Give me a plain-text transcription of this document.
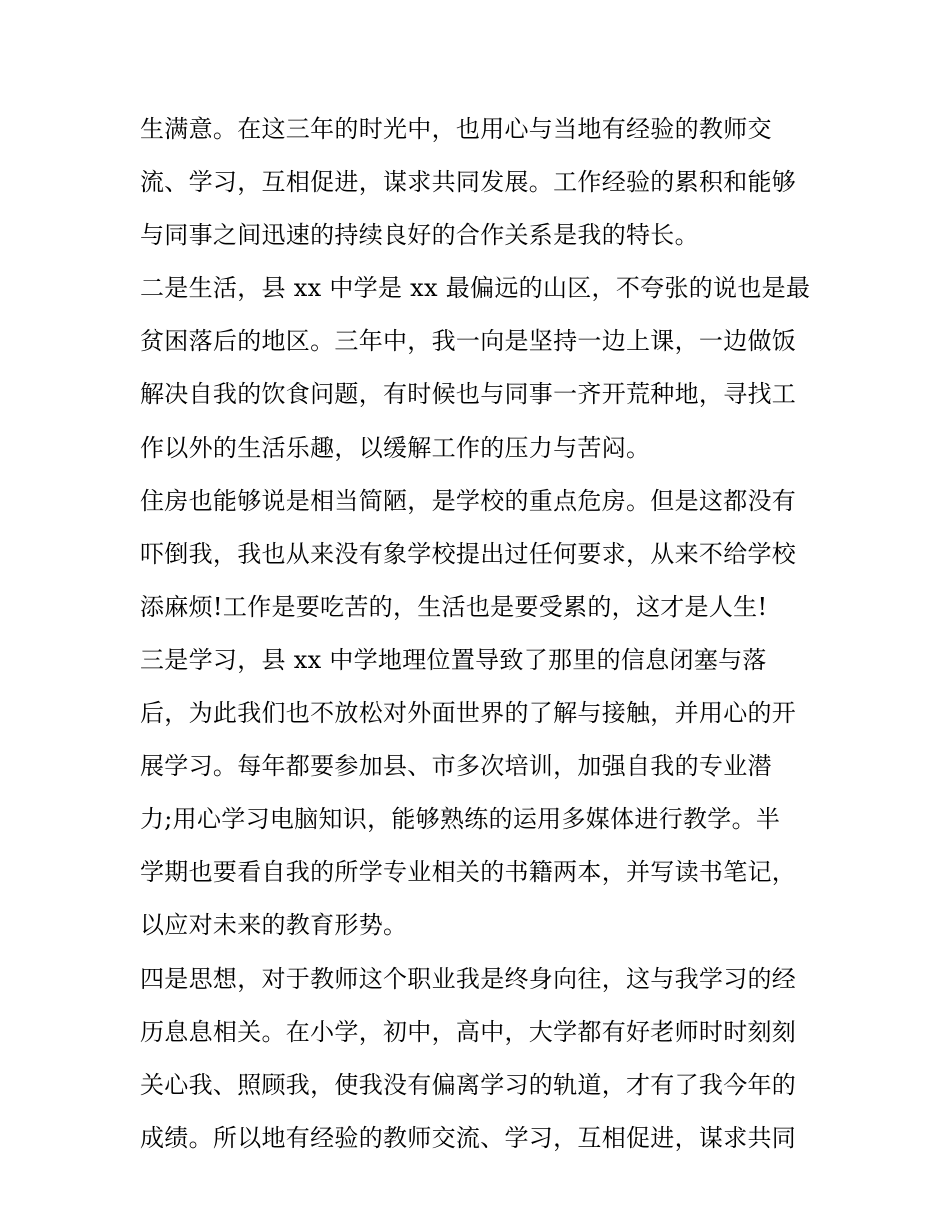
生满意。在这三年的时光中，也用心与当地有经验的教师交
流、学习，互相促进，谋求共同发展。工作经验的累积和能够
与同事之间迅速的持续良好的合作关系是我的特长。
二是生活，县 xx 中学是 xx 最偏远的山区，不夸张的说也是最
贫困落后的地区。三年中，我一向是坚持一边上课，一边做饭
解决自我的饮食问题，有时候也与同事一齐开荒种地，寻找工
作以外的生活乐趣，以缓解工作的压力与苦闷。
住房也能够说是相当简陋，是学校的重点危房。但是这都没有
吓倒我，我也从来没有象学校提出过任何要求，从来不给学校
添麻烦!工作是要吃苦的，生活也是要受累的，这才是人生!
三是学习，县 xx 中学地理位置导致了那里的信息闭塞与落
后，为此我们也不放松对外面世界的了解与接触，并用心的开
展学习。每年都要参加县、市多次培训，加强自我的专业潜
力;用心学习电脑知识，能够熟练的运用多媒体进行教学。半
学期也要看自我的所学专业相关的书籍两本，并写读书笔记，
以应对未来的教育形势。
四是思想，对于教师这个职业我是终身向往，这与我学习的经
历息息相关。在小学，初中，高中，大学都有好老师时时刻刻
关心我、照顾我，使我没有偏离学习的轨道，才有了我今年的
成绩。所以地有经验的教师交流、学习，互相促进，谋求共同
